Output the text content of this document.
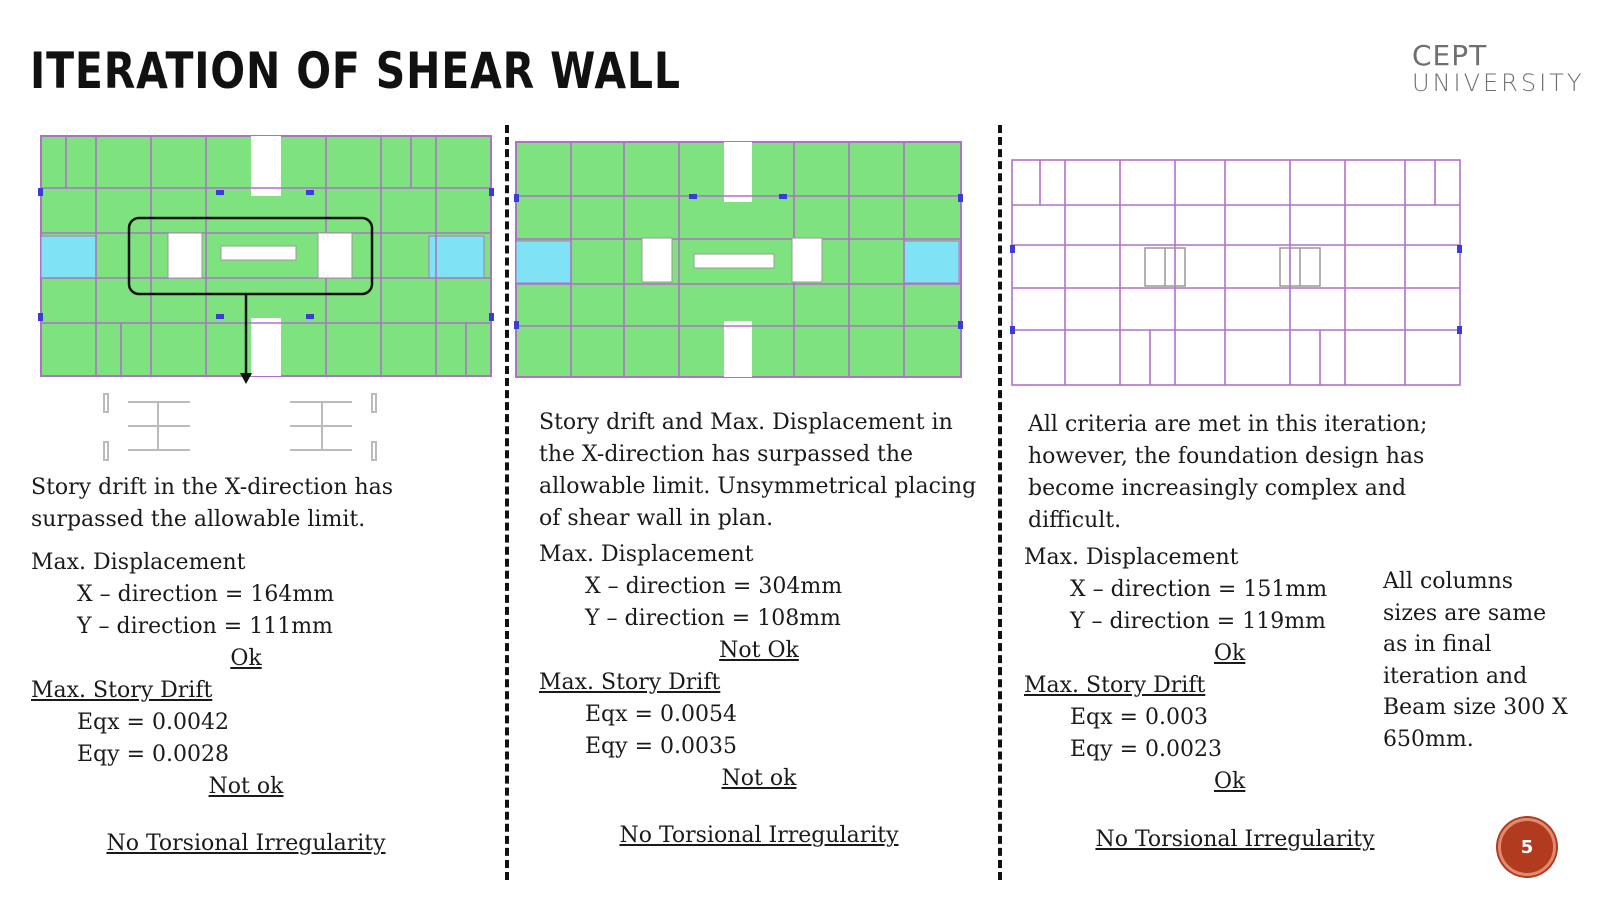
ITERATION OF SHEAR WALL	CEPT
UNIVERSITY

Story drift in the X-direction has surpassed the allowable limit.

Max. Displacement
X – direction = 164mm
Y – direction = 111mm
Ok
Max. Story Drift
Eqx = 0.0042
Eqy = 0.0028
Not ok
No Torsional Irregularity

Story drift and Max. Displacement in the X-direction has surpassed the allowable limit. Unsymmetrical placing of shear wall in plan.

Max. Displacement
X – direction = 304mm
Y – direction = 108mm
Not Ok
Max. Story Drift
Eqx = 0.0054
Eqy = 0.0035
Not ok
No Torsional Irregularity

All criteria are met in this iteration; however, the foundation design has become increasingly complex and difficult.

Max. Displacement
X – direction = 151mm
Y – direction = 119mm
Ok
Max. Story Drift
Eqx = 0.003
Eqy = 0.0023
Ok
No Torsional Irregularity
All columns sizes are same as in final iteration and Beam size 300 X 650mm.
5
